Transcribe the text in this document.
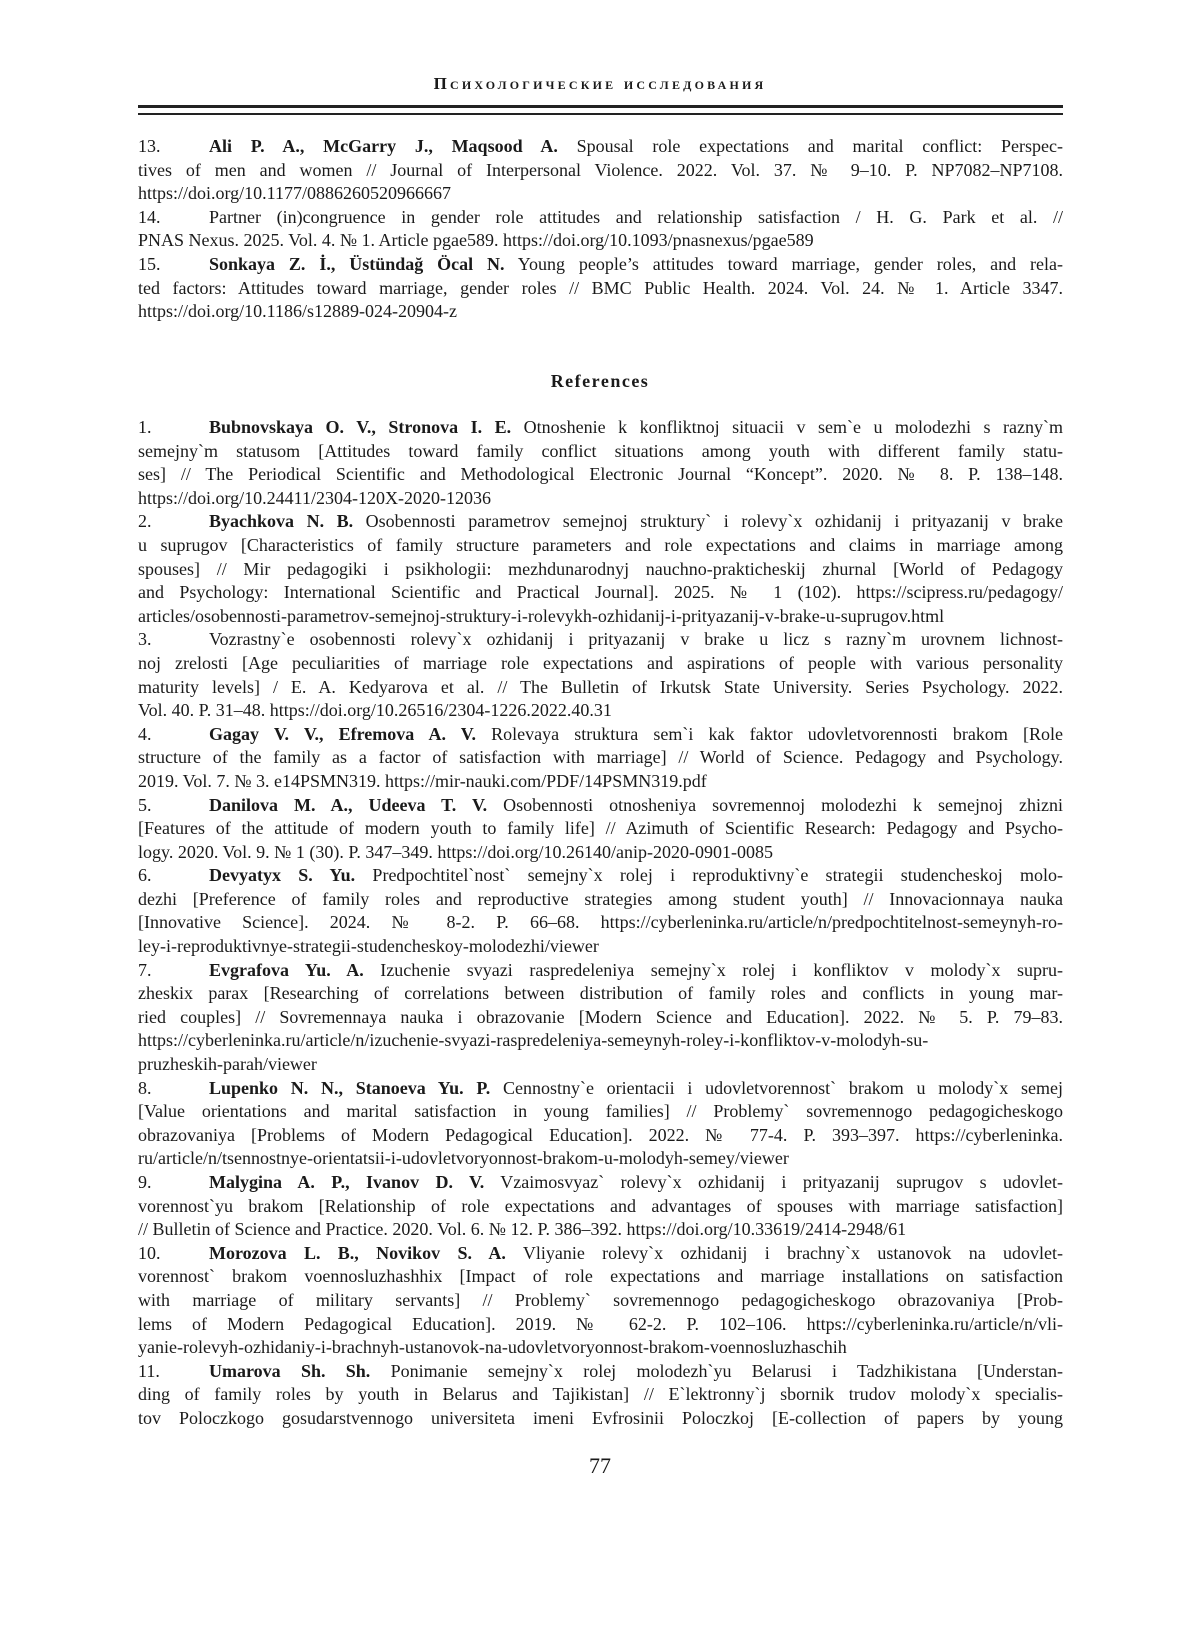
Психологические исследования
13.	Ali P. A., McGarry J., Maqsood A. Spousal role expectations and marital conflict: Perspec-
tives of men and women // Journal of Interpersonal Violence. 2022. Vol. 37. № 9–10. P. NP7082–NP7108.
https://doi.org/10.1177/0886260520966667
14.	Partner (in)congruence in gender role attitudes and relationship satisfaction / H. G. Park et al. //
PNAS Nexus. 2025. Vol. 4. № 1. Article pgae589. https://doi.org/10.1093/pnasnexus/pgae589
15.	Sonkaya Z. İ., Üstündağ Öcal N. Young people’s attitudes toward marriage, gender roles, and rela-
ted factors: Attitudes toward marriage, gender roles // BMC Public Health. 2024. Vol. 24. № 1. Article 3347.
https://doi.org/10.1186/s12889-024-20904-z
References
1.	Bubnovskaya O. V., Stronova I. E. Otnoshenie k konfliktnoj situacii v sem`e u molodezhi s razny`m
semejny`m statusom [Attitudes toward family conflict situations among youth with different family statu-
ses] // The Periodical Scientific and Methodological Electronic Journal “Koncept”. 2020. № 8. P. 138–148.
https://doi.org/10.24411/2304-120X-2020-12036
2.	Byachkova N. B. Osobennosti parametrov semejnoj struktury` i rolevy`x ozhidanij i prityazanij v brake
u suprugov [Characteristics of family structure parameters and role expectations and claims in marriage among
spouses] // Mir pedagogiki i psikhologii: mezhdunarodnyj nauchno-prakticheskij zhurnal [World of Pedagogy
and Psychology: International Scientific and Practical Journal]. 2025. № 1 (102). https://scipress.ru/pedagogy/
articles/osobennosti-parametrov-semejnoj-struktury-i-rolevykh-ozhidanij-i-prityazanij-v-brake-u-suprugov.html
3.	Vozrastny`e osobennosti rolevy`x ozhidanij i prityazanij v brake u licz s razny`m urovnem lichnost-
noj zrelosti [Age peculiarities of marriage role expectations and aspirations of people with various personality
maturity levels] / E. A. Kedyarova et al. // The Bulletin of Irkutsk State University. Series Psychology. 2022.
Vol. 40. P. 31–48. https://doi.org/10.26516/2304-1226.2022.40.31
4.	Gagay V. V., Efremova A. V. Rolevaya struktura sem`i kak faktor udovletvorennosti brakom [Role
structure of the family as a factor of satisfaction with marriage] // World of Science. Pedagogy and Psychology.
2019. Vol. 7. № 3. e14PSMN319. https://mir-nauki.com/PDF/14PSMN319.pdf
5.	Danilova M. A., Udeeva T. V. Osobennosti otnosheniya sovremennoj molodezhi k semejnoj zhizni
[Features of the attitude of modern youth to family life] // Azimuth of Scientific Research: Pedagogy and Psycho-
logy. 2020. Vol. 9. № 1 (30). P. 347–349. https://doi.org/10.26140/anip-2020-0901-0085
6.	Devyatyx S. Yu. Predpochtitel`nost` semejny`x rolej i reproduktivny`e strategii studencheskoj molo-
dezhi [Preference of family roles and reproductive strategies among student youth] // Innovacionnaya nauka
[Innovative Science]. 2024. № 8-2. P. 66–68. https://cyberleninka.ru/article/n/predpochtitelnost-semeynyh-ro-
ley-i-reproduktivnye-strategii-studencheskoy-molodezhi/viewer
7.	Evgrafova Yu. A. Izuchenie svyazi raspredeleniya semejny`x rolej i konfliktov v molody`x supru-
zheskix parax [Researching of correlations between distribution of family roles and conflicts in young mar-
ried couples] // Sovremennaya nauka i obrazovanie [Modern Science and Education]. 2022. № 5. P. 79–83.
https://cyberleninka.ru/article/n/izuchenie-svyazi-raspredeleniya-semeynyh-roley-i-konfliktov-v-molodyh-su-
pruzheskih-parah/viewer
8.	Lupenko N. N., Stanoeva Yu. P. Cennostny`e orientacii i udovletvorennost` brakom u molody`x semej
[Value orientations and marital satisfaction in young families] // Problemy` sovremennogo pedagogicheskogo
obrazovaniya [Problems of Modern Pedagogical Education]. 2022. № 77-4. P. 393–397. https://cyberleninka.
ru/article/n/tsennostnye-orientatsii-i-udovletvoryonnost-brakom-u-molodyh-semey/viewer
9.	Malygina A. P., Ivanov D. V. Vzaimosvyaz` rolevy`x ozhidanij i prityazanij suprugov s udovlet-
vorennost`yu brakom [Relationship of role expectations and advantages of spouses with marriage satisfaction]
// Bulletin of Science and Practice. 2020. Vol. 6. № 12. P. 386–392. https://doi.org/10.33619/2414-2948/61
10.	Morozova L. B., Novikov S. A. Vliyanie rolevy`x ozhidanij i brachny`x ustanovok na udovlet-
vorennost` brakom voennosluzhashhix [Impact of role expectations and marriage installations on satisfaction
with marriage of military servants] // Problemy` sovremennogo pedagogicheskogo obrazovaniya [Prob-
lems of Modern Pedagogical Education]. 2019. № 62-2. P. 102–106. https://cyberleninka.ru/article/n/vli-
yanie-rolevyh-ozhidaniy-i-brachnyh-ustanovok-na-udovletvoryonnost-brakom-voennosluzhaschih
11.	Umarova Sh. Sh. Ponimanie semejny`x rolej molodezh`yu Belarusi i Tadzhikistana [Understan-
ding of family roles by youth in Belarus and Tajikistan] // E`lektronny`j sbornik trudov molody`x specialis-
tov Poloczkogo gosudarstvennogo universiteta imeni Evfrosinii Poloczkoj [E-collection of papers by young
77
